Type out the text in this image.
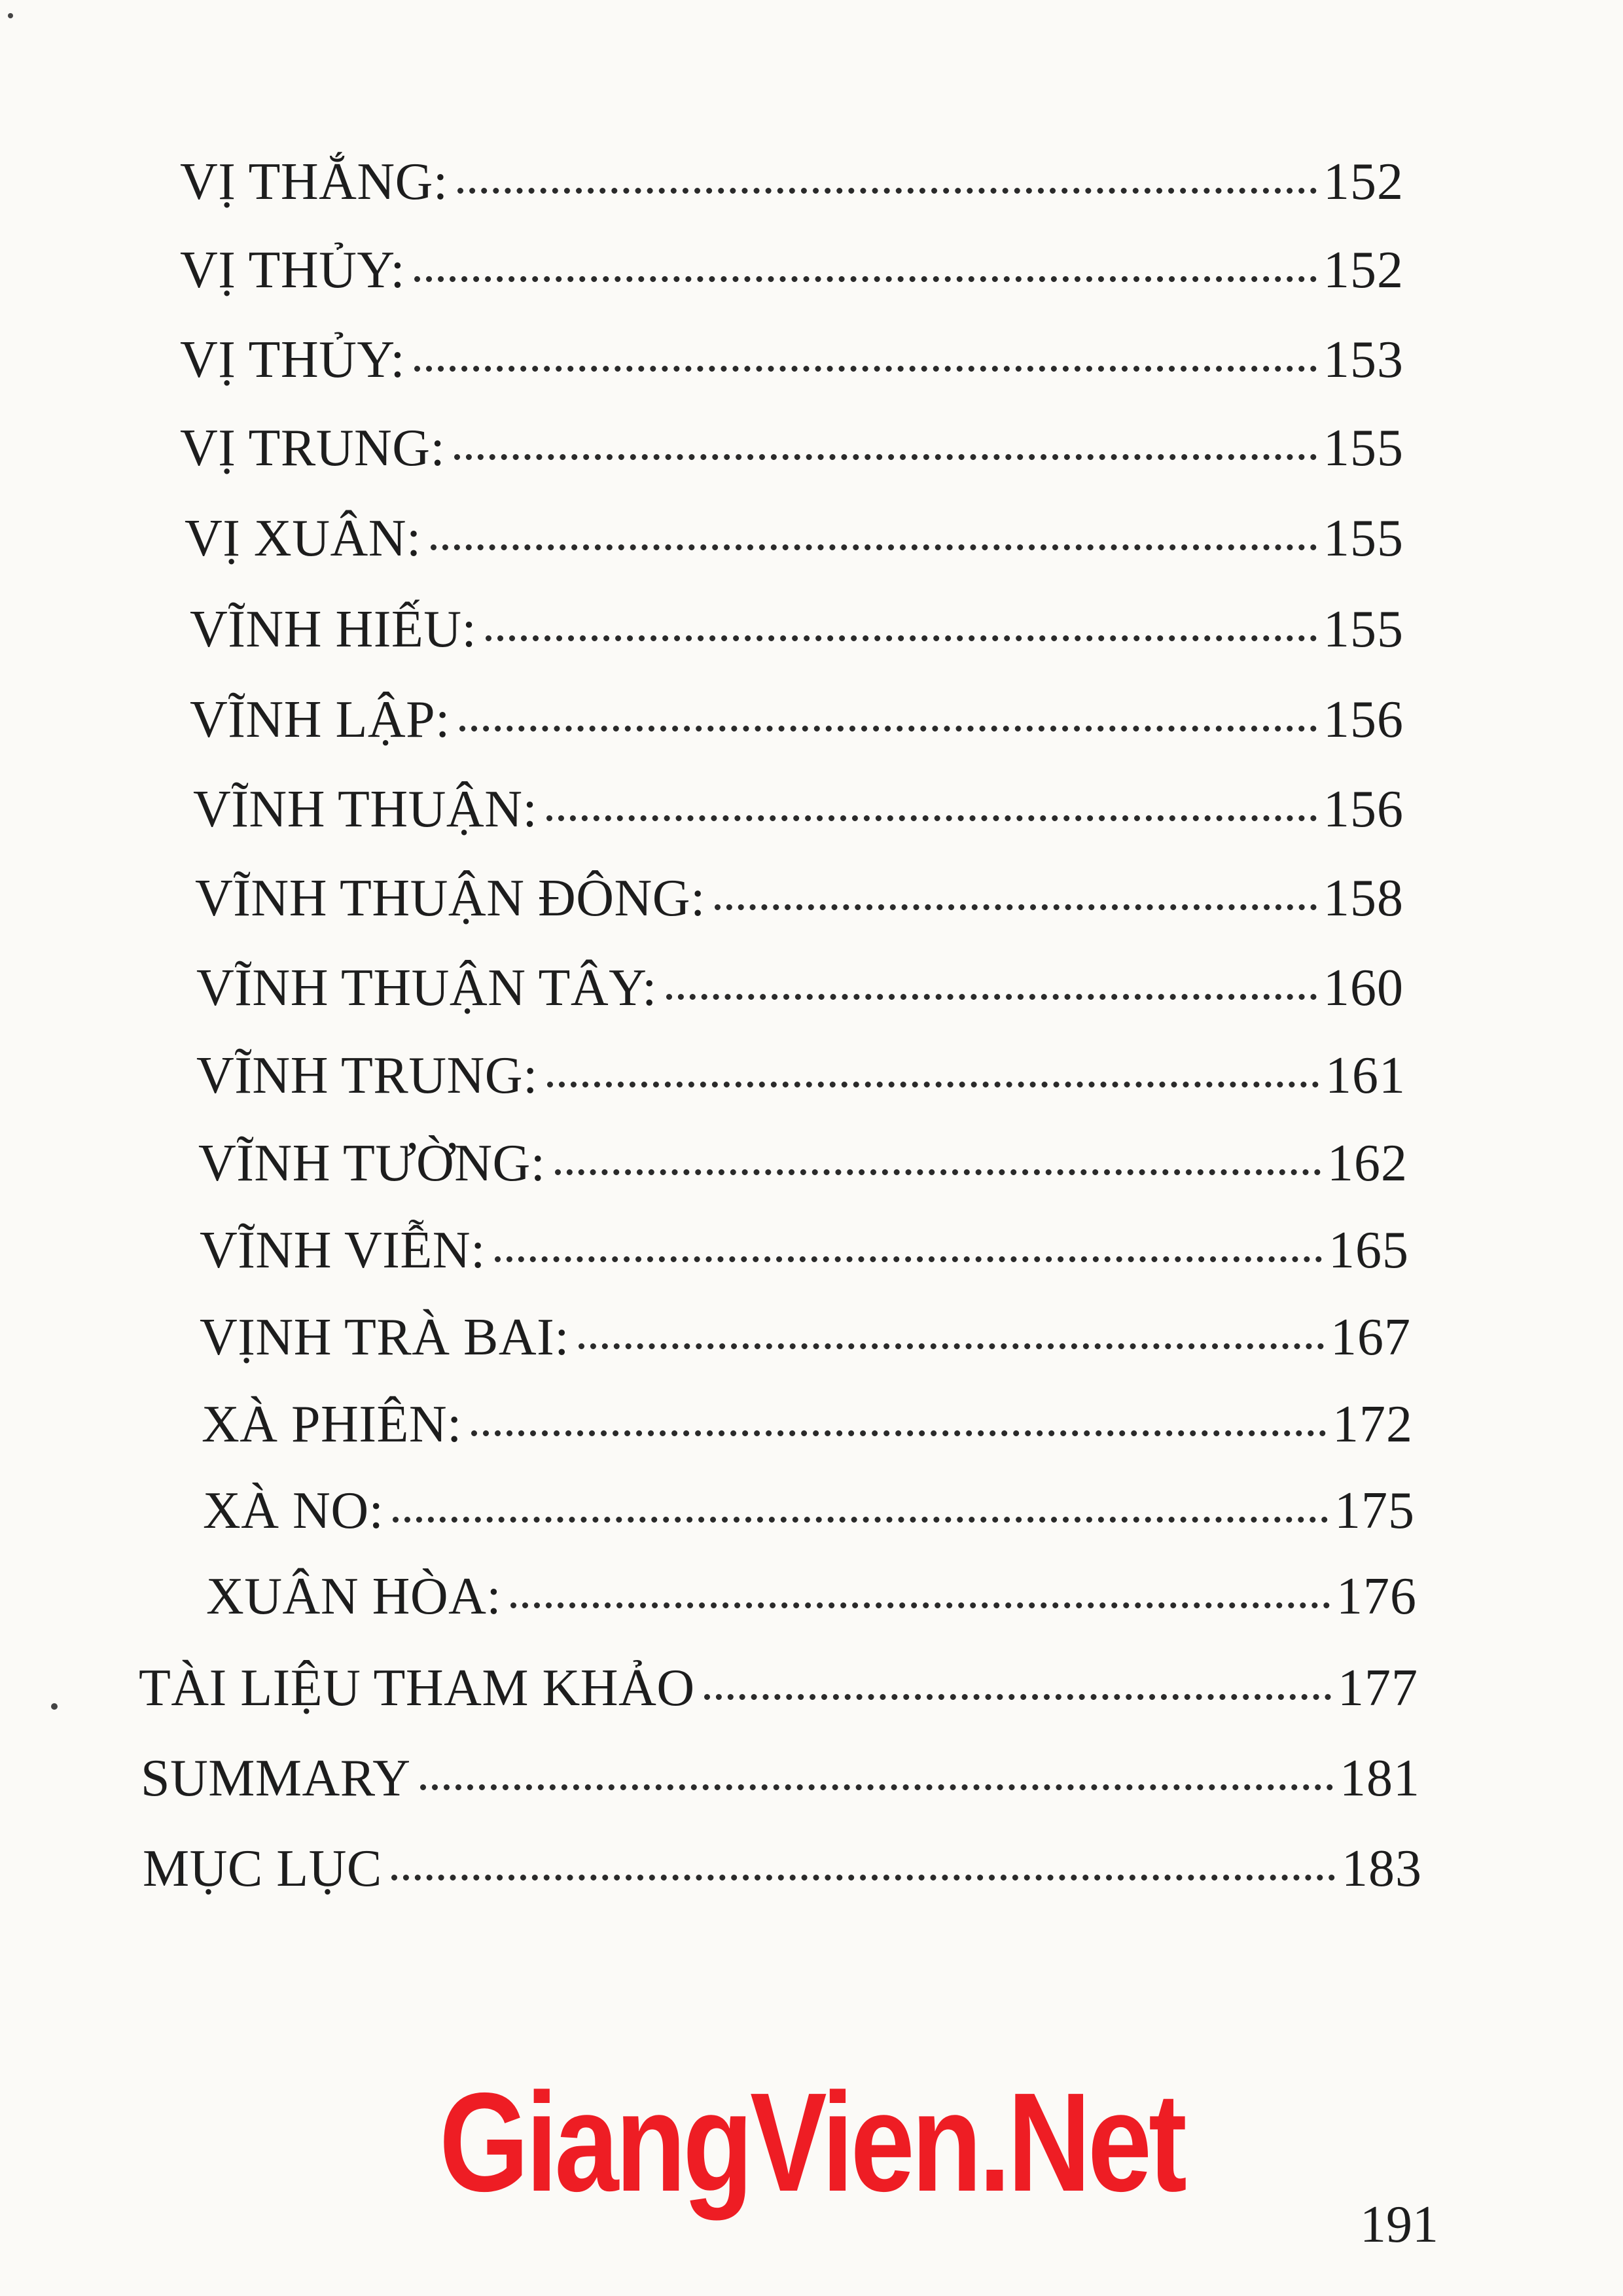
VỊ THẮNG:	152
VỊ THỦY:	152
VỊ THỦY:	153
VỊ TRUNG:	155
VỊ XUÂN:	155
VĨNH HIẾU:	155
VĨNH LẬP:	156
VĨNH THUẬN:	156
VĨNH THUẬN ĐÔNG:	158
VĨNH THUẬN TÂY:	160
VĨNH TRUNG:	161
VĨNH TƯỜNG:	162
VĨNH VIỄN:	165
VỊNH TRÀ BAI:	167
XÀ PHIÊN:	172
XÀ NO:	175
XUÂN HÒA:	176
TÀI LIỆU THAM KHẢO	177
SUMMARY	181
MỤC LỤC	183
GiangVien.Net
191
